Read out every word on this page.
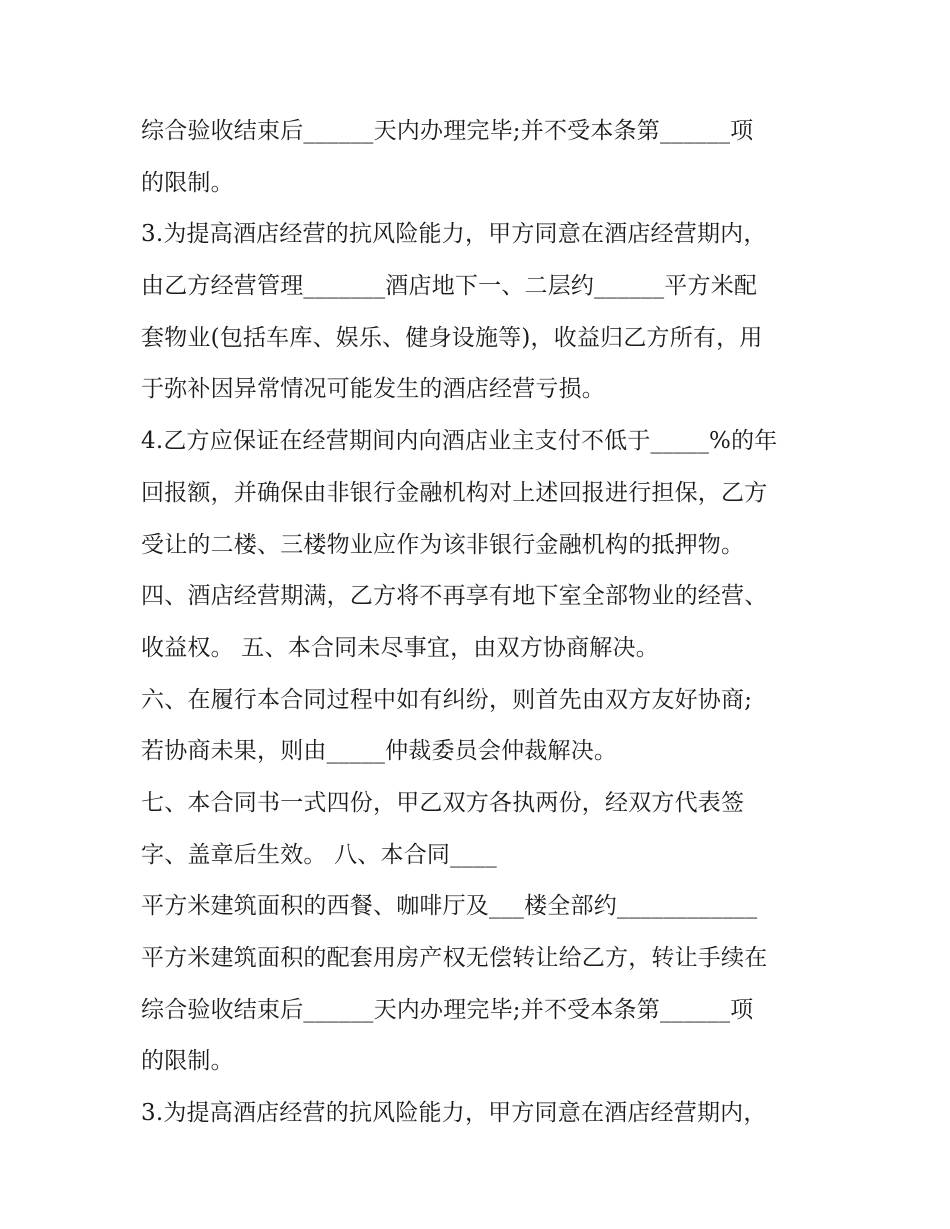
综合验收结束后______天内办理完毕;并不受本条第______项
的限制。
3.为提高酒店经营的抗风险能力，甲方同意在酒店经营期内，
由乙方经营管理_______酒店地下一、二层约______平方米配
套物业(包括车库、娱乐、健身设施等)，收益归乙方所有，用
于弥补因异常情况可能发生的酒店经营亏损。
4.乙方应保证在经营期间内向酒店业主支付不低于_____%的年
回报额，并确保由非银行金融机构对上述回报进行担保，乙方
受让的二楼、三楼物业应作为该非银行金融机构的抵押物。
四、酒店经营期满，乙方将不再享有地下室全部物业的经营、
收益权。 五、本合同未尽事宜，由双方协商解决。
六、在履行本合同过程中如有纠纷，则首先由双方友好协商;
若协商未果，则由_____仲裁委员会仲裁解决。
七、本合同书一式四份，甲乙双方各执两份，经双方代表签
字、盖章后生效。 八、本合同____
平方米建筑面积的西餐、咖啡厅及___楼全部约____________
平方米建筑面积的配套用房产权无偿转让给乙方，转让手续在
综合验收结束后______天内办理完毕;并不受本条第______项
的限制。
3.为提高酒店经营的抗风险能力，甲方同意在酒店经营期内，
